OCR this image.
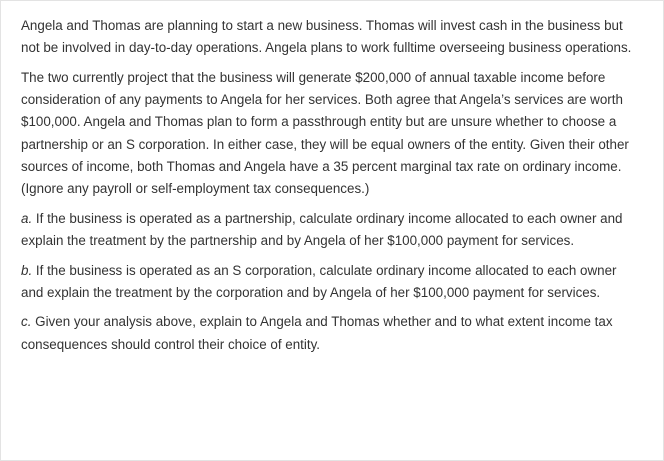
Angela and Thomas are planning to start a new business. Thomas will invest cash in the business but not be involved in day-to-day operations. Angela plans to work fulltime overseeing business operations.

The two currently project that the business will generate $200,000 of annual taxable income before consideration of any payments to Angela for her services. Both agree that Angela’s services are worth $100,000. Angela and Thomas plan to form a passthrough entity but are unsure whether to choose a partnership or an S corporation. In either case, they will be equal owners of the entity. Given their other sources of income, both Thomas and Angela have a 35 percent marginal tax rate on ordinary income. (Ignore any payroll or self-employment tax consequences.)

a. If the business is operated as a partnership, calculate ordinary income allocated to each owner and explain the treatment by the partnership and by Angela of her $100,000 payment for services.

b. If the business is operated as an S corporation, calculate ordinary income allocated to each owner and explain the treatment by the corporation and by Angela of her $100,000 payment for services.

c. Given your analysis above, explain to Angela and Thomas whether and to what extent income tax consequences should control their choice of entity.
